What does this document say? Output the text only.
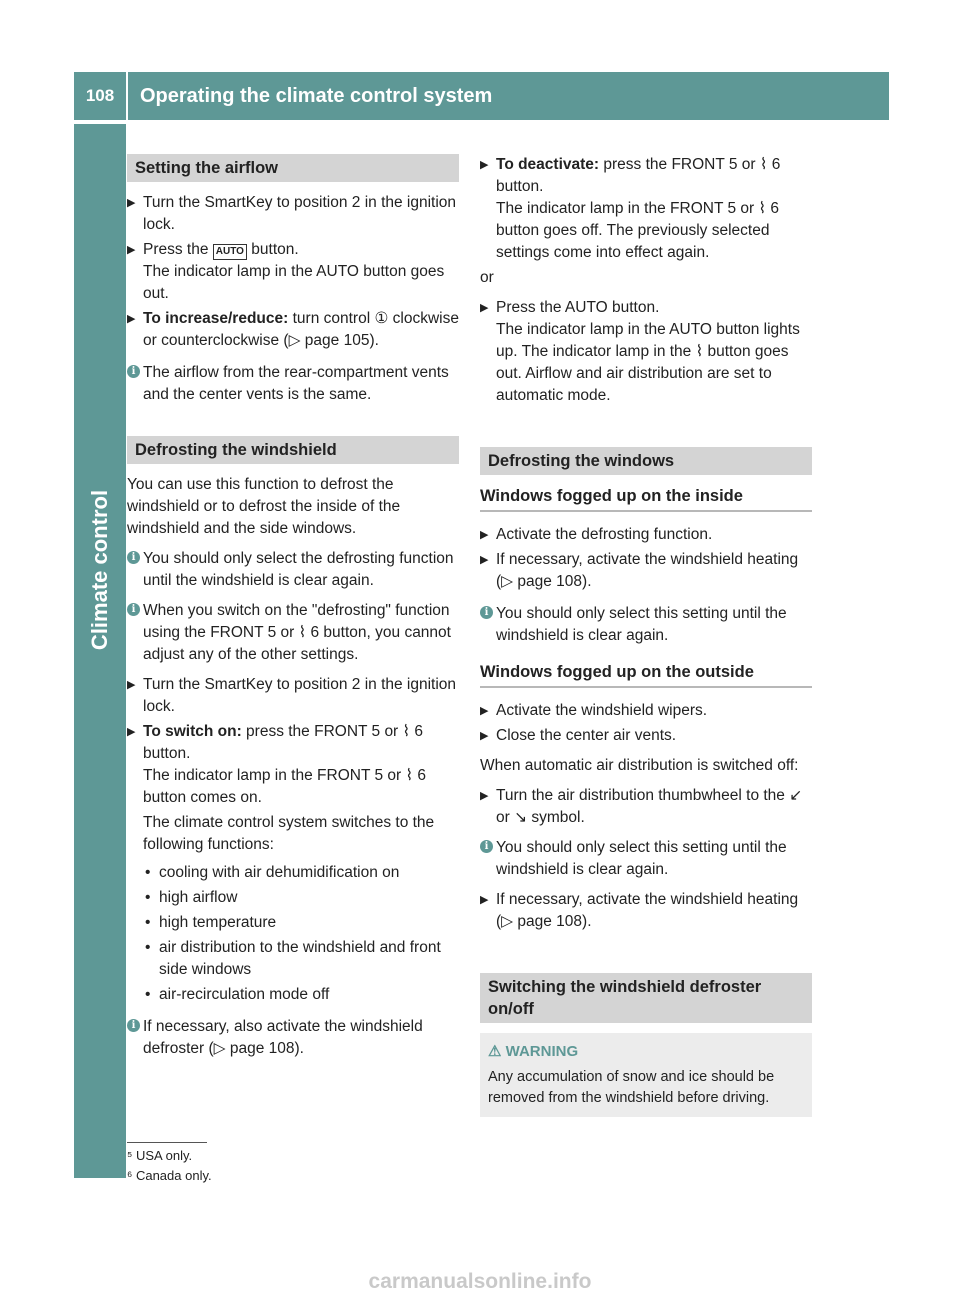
108	Operating the climate control system
Climate control
Setting the airflow
▶ Turn the SmartKey to position 2 in the ignition lock.
▶ Press the AUTO button.
The indicator lamp in the AUTO button goes out.
▶ To increase/reduce: turn control ① clockwise or counterclockwise (▷ page 105).
i The airflow from the rear-compartment vents and the center vents is the same.
Defrosting the windshield
You can use this function to defrost the windshield or to defrost the inside of the windshield and the side windows.
i You should only select the defrosting function until the windshield is clear again.
i When you switch on the "defrosting" function using the FRONT 5 or ⌇ 6 button, you cannot adjust any of the other settings.
▶ Turn the SmartKey to position 2 in the ignition lock.
▶ To switch on: press the FRONT 5 or ⌇ 6 button.
The indicator lamp in the FRONT 5 or ⌇ 6 button comes on.

The climate control system switches to the following functions:
• cooling with air dehumidification on
• high airflow
• high temperature
• air distribution to the windshield and front side windows
• air-recirculation mode off
i If necessary, also activate the windshield defroster (▷ page 108).
▶ To deactivate: press the FRONT 5 or ⌇ 6 button.
The indicator lamp in the FRONT 5 or ⌇ 6 button goes off. The previously selected settings come into effect again.
or
▶ Press the AUTO button.
The indicator lamp in the AUTO button lights up. The indicator lamp in the ⌇ button goes out. Airflow and air distribution are set to automatic mode.
Defrosting the windows
Windows fogged up on the inside
▶ Activate the defrosting function.
▶ If necessary, activate the windshield heating (▷ page 108).
i You should only select this setting until the windshield is clear again.
Windows fogged up on the outside
▶ Activate the windshield wipers.
▶ Close the center air vents.
When automatic air distribution is switched off:
▶ Turn the air distribution thumbwheel to the ↙ or ↘ symbol.
i You should only select this setting until the windshield is clear again.
▶ If necessary, activate the windshield heating (▷ page 108).
Switching the windshield defroster on/off
⚠ WARNING
Any accumulation of snow and ice should be removed from the windshield before driving.
⁵ USA only.
⁶ Canada only.
carmanualsonline.info
